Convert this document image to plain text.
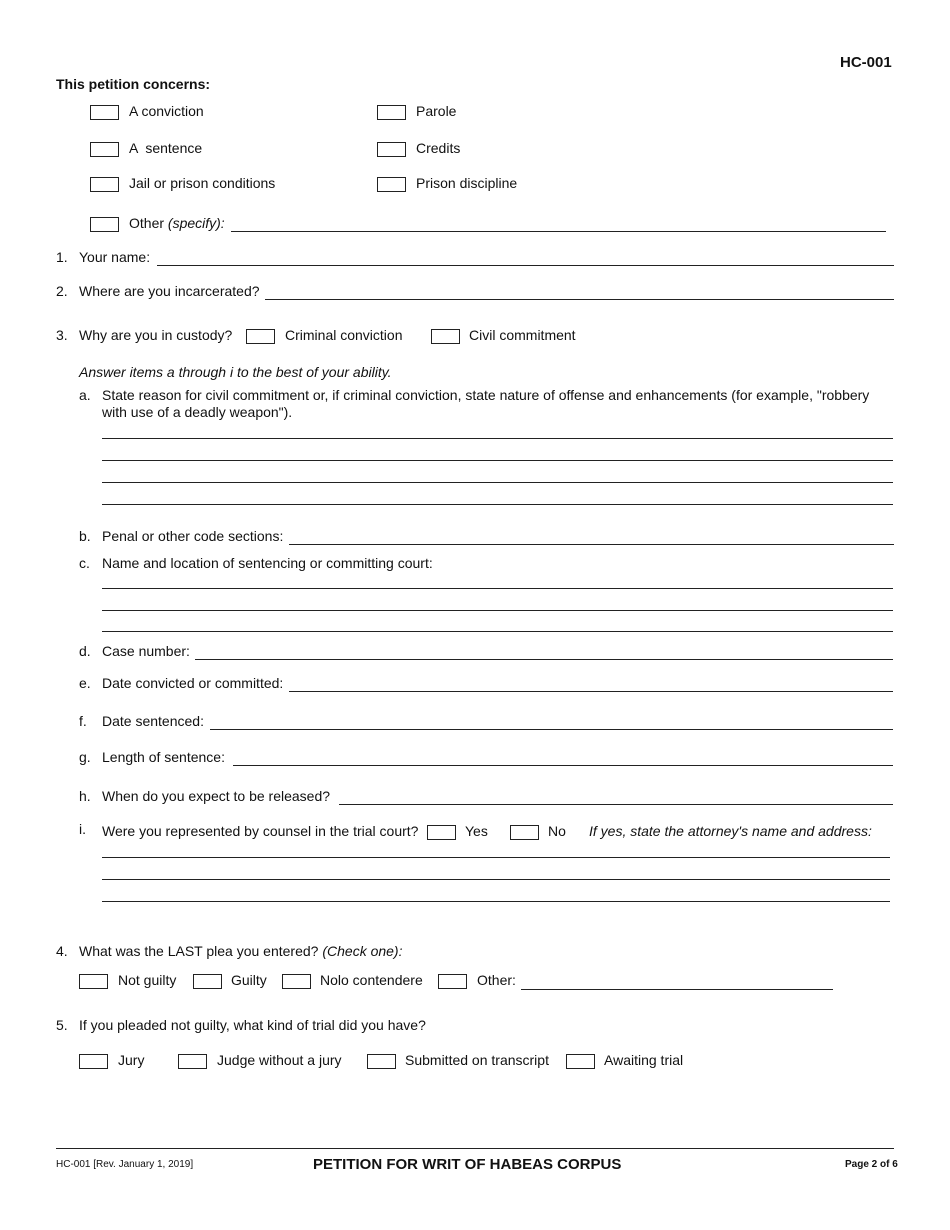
HC-001
This petition concerns:
A conviction	Parole
A  sentence	Credits
Jail or prison conditions	Prison discipline
Other (specify):
1. Your name:
2. Where are you incarcerated?
3. Why are you in custody?	Criminal conviction	Civil commitment
Answer items a through i to the best of your ability.
a. State reason for civil commitment or, if criminal conviction, state nature of offense and enhancements (for example, "robbery
with use of a deadly weapon").
b. Penal or other code sections:
c. Name and location of sentencing or committing court:
d. Case number:
e. Date convicted or committed:
f. Date sentenced:
g. Length of sentence:
h. When do you expect to be released?
i. Were you represented by counsel in the trial court?	Yes	No If yes, state the attorney's name and address:
4. What was the LAST plea you entered? (Check one):
Not guilty	Guilty	Nolo contendere	Other:
5. If you pleaded not guilty, what kind of trial did you have?
Jury	Judge without a jury	Submitted on transcript	Awaiting trial
HC-001 [Rev. January 1, 2019]	PETITION FOR WRIT OF HABEAS CORPUS	Page 2 of 6
